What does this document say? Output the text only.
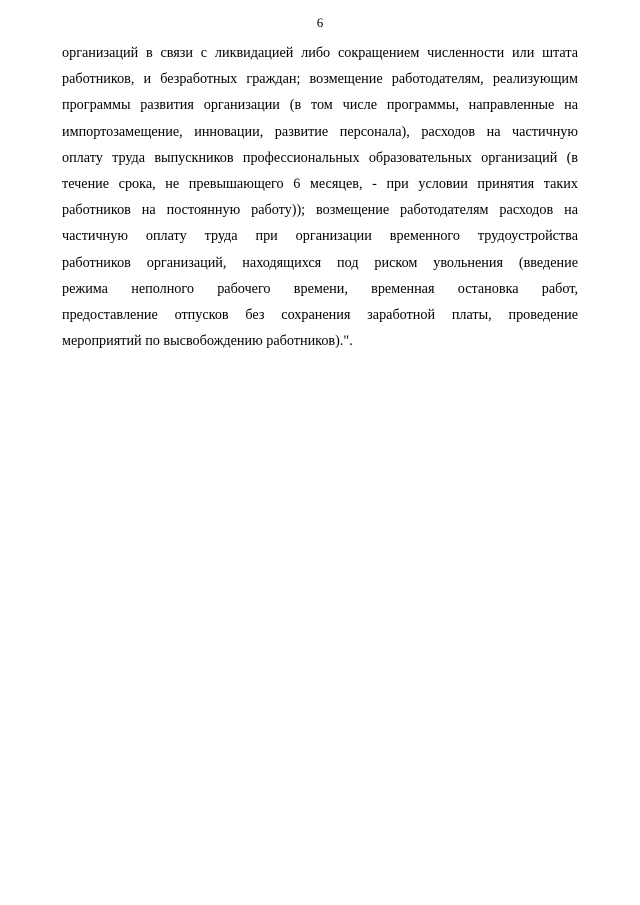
6
организаций в связи с ликвидацией либо сокращением численности или штата
работников, и безработных граждан; возмещение работодателям, реализующим
программы развития организации (в том числе программы, направленные на
импортозамещение, инновации, развитие персонала), расходов на частичную
оплату труда выпускников профессиональных образовательных организаций (в
течение срока, не превышающего 6 месяцев, - при условии принятия таких
работников на постоянную работу)); возмещение работодателям расходов на
частичную оплату труда при организации временного трудоустройства
работников организаций, находящихся под риском увольнения (введение
режима неполного рабочего времени, временная остановка работ,
предоставление отпусков без сохранения заработной платы, проведение
мероприятий по высвобождению работников).".
